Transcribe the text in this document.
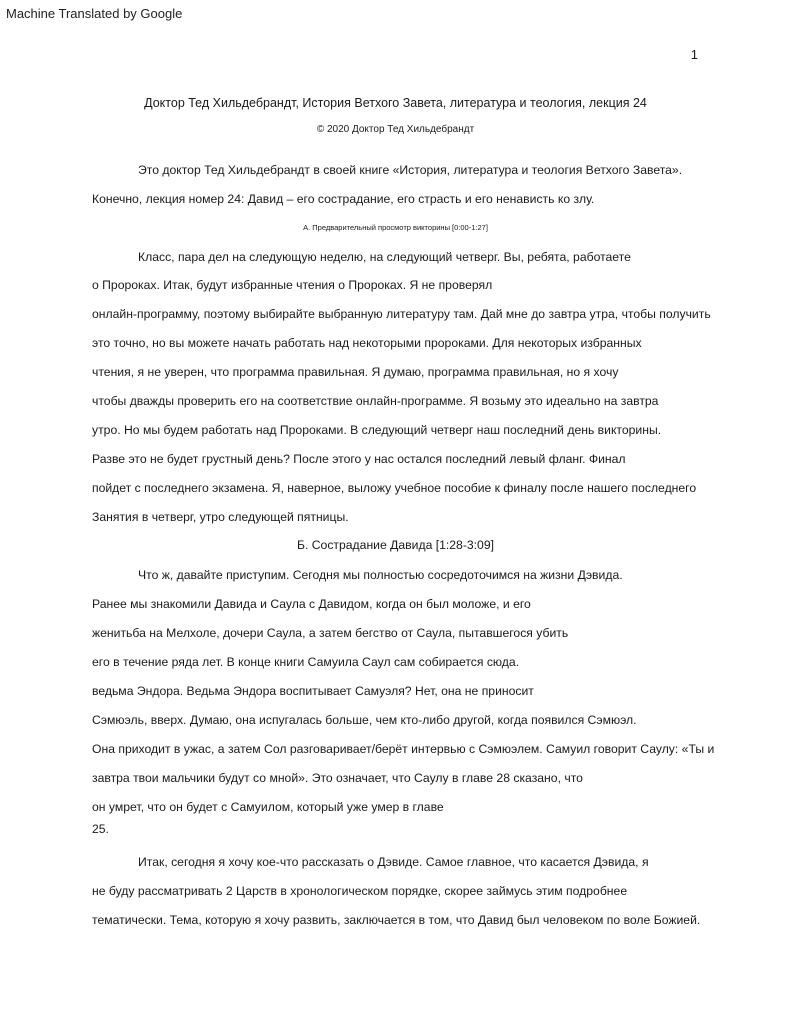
Machine Translated by Google
1
Доктор Тед Хильдебрандт, История Ветхого Завета, литература и теология, лекция 24
© 2020 Доктор Тед Хильдебрандт
Это доктор Тед Хильдебрандт в своей книге «История, литература и теология Ветхого Завета».
Конечно, лекция номер 24: Давид – его сострадание, его страсть и его ненависть ко злу.
А. Предварительный просмотр викторины [0:00-1:27]
Класс, пара дел на следующую неделю, на следующий четверг. Вы, ребята, работаете
о Пророках. Итак, будут избранные чтения о Пророках. Я не проверял
онлайн-программу, поэтому выбирайте выбранную литературу там. Дай мне до завтра утра, чтобы получить
это точно, но вы можете начать работать над некоторыми пророками. Для некоторых избранных
чтения, я не уверен, что программа правильная. Я думаю, программа правильная, но я хочу
чтобы дважды проверить его на соответствие онлайн-программе. Я возьму это идеально на завтра
утро. Но мы будем работать над Пророками. В следующий четверг наш последний день викторины.
Разве это не будет грустный день? После этого у нас остался последний левый фланг. Финал
пойдет с последнего экзамена. Я, наверное, выложу учебное пособие к финалу после нашего последнего
Занятия в четверг, утро следующей пятницы.
Б. Сострадание Давида [1:28-3:09]
Что ж, давайте приступим. Сегодня мы полностью сосредоточимся на жизни Дэвида.
Ранее мы знакомили Давида и Саула с Давидом, когда он был моложе, и его
женитьба на Мелхоле, дочери Саула, а затем бегство от Саула, пытавшегося убить
его в течение ряда лет. В конце книги Самуила Саул сам собирается сюда.
ведьма Эндора. Ведьма Эндора воспитывает Самуэля? Нет, она не приносит
Сэмюэль, вверх. Думаю, она испугалась больше, чем кто-либо другой, когда появился Сэмюэл.
Она приходит в ужас, а затем Сол разговаривает/берёт интервью с Сэмюэлем. Самуил говорит Саулу: «Ты и
завтра твои мальчики будут со мной». Это означает, что Саулу в главе 28 сказано, что
он умрет, что он будет с Самуилом, который уже умер в главе
25.
Итак, сегодня я хочу кое-что рассказать о Дэвиде. Самое главное, что касается Дэвида, я
не буду рассматривать 2 Царств в хронологическом порядке, скорее займусь этим подробнее
тематически. Тема, которую я хочу развить, заключается в том, что Давид был человеком по воле Божией.
